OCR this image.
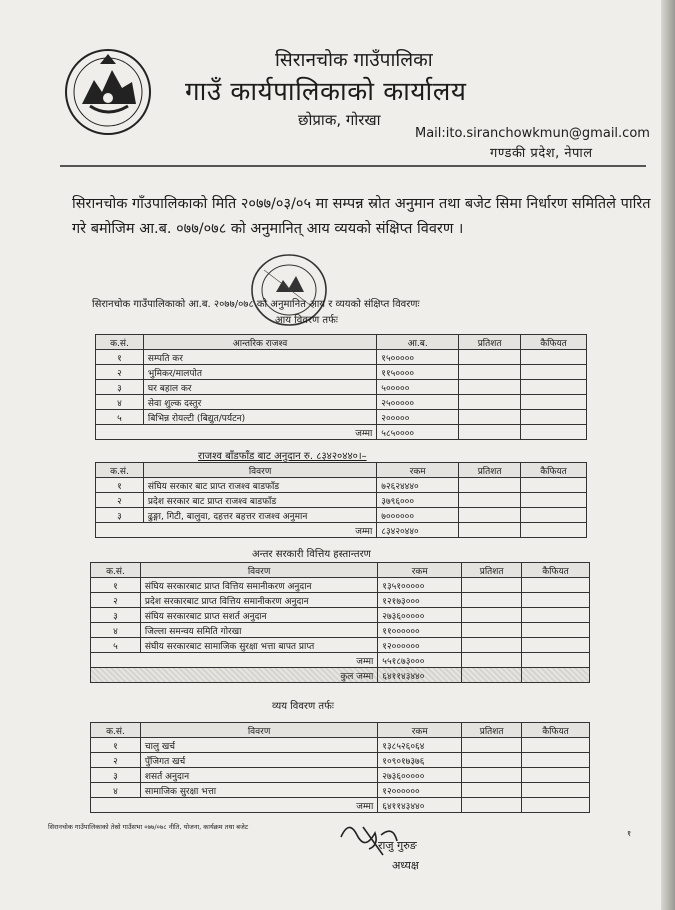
सिरानचोक गाउँपालिका
गाउँ कार्यपालिकाको कार्यालय
छोप्राक, गोरखा
Mail:ito.siranchowkmun@gmail.com
गण्डकी प्रदेश, नेपाल
सिरानचोक गाँउपालिकाको मिति २०७७/०३/०५ मा सम्पन्न स्रोत अनुमान तथा बजेट सिमा निर्धारण समितिले पारित गरे बमोजिम आ.ब. ०७७/०७८ को अनुमानित् आय व्ययको संक्षिप्त विवरण ।
सिरानचोक गाउँपालिकाको आ.ब. २०७७/०७८ को अनुमानित आय र व्ययको संक्षिप्त विवरणः
आय विवरण तर्फः
क.सं.	आन्तरिक राजश्व	आ.ब.	प्रतिशत	कैफियत
१	सम्पति कर	१५०००००		
२	भुमिकर/मालपोत	११५००००		
३	घर बहाल कर	५०००००		
४	सेवा शुल्क दस्तुर	२५०००००		
५	बिभिन्न रोयल्टी (बिद्युत/पर्यटन)	२०००००		
जम्मा		५८५००००		
राजश्व बाँडफाँड बाट अनुदान रु. ८३४२०४४०।–
क.सं.	विवरण	रकम	प्रतिशत	कैफियत
१	संघिय सरकार बाट प्राप्त राजश्व बाडफाँड	७२६२४४४०		
२	प्रदेश सरकार बाट प्राप्त राजश्व बाडफाँड	३७९६०००		
३	ढुङ्गा, गिटी, बालुवा, दहत्तर बहत्तर राजश्व अनुमान	७००००००		
जम्मा		८३४२०४४०		
अन्तर सरकारी वित्तिय हस्तान्तरण
क.सं.	विवरण	रकम	प्रतिशत	कैफियत
१	संघिय सरकारबाट प्राप्त वित्तिय समानीकरण अनुदान	१३५१०००००		
२	प्रदेश सरकारबाट प्राप्त वित्तिय समानीकरण अनुदान	१२१७३०००		
३	संघिय सरकारबाट प्राप्त सशर्त अनुदान	२७३६०००००		
४	जिल्ला समन्वय समिति गोरखा	११००००००		
५	संघीय सरकारबाट सामाजिक सुरक्षा भत्ता बापत प्राप्त	१२००००००		
जम्मा		५५१८७३०००		
कुल जम्मा		६४११४३४४०		
व्यय विवरण तर्फः
क.सं.	विवरण	रकम	प्रतिशत	कैफियत
१	चालु खर्च	१३८५२६०६४		
२	पुँजिगत खर्च	१०९०१७३७६		
३	शसर्त अनुदान	२७३६०००००		
४	सामाजिक सुरक्षा भत्ता	१२००००००		
जम्मा		६४११४३४४०		
सिरानचोक गाउँपालिकाको तेस्रो गाउँसभा ०७७/०७८ नीति, योजना, कार्यक्रम तथा बजेट
१
राजु गुरुङ
अध्यक्ष
